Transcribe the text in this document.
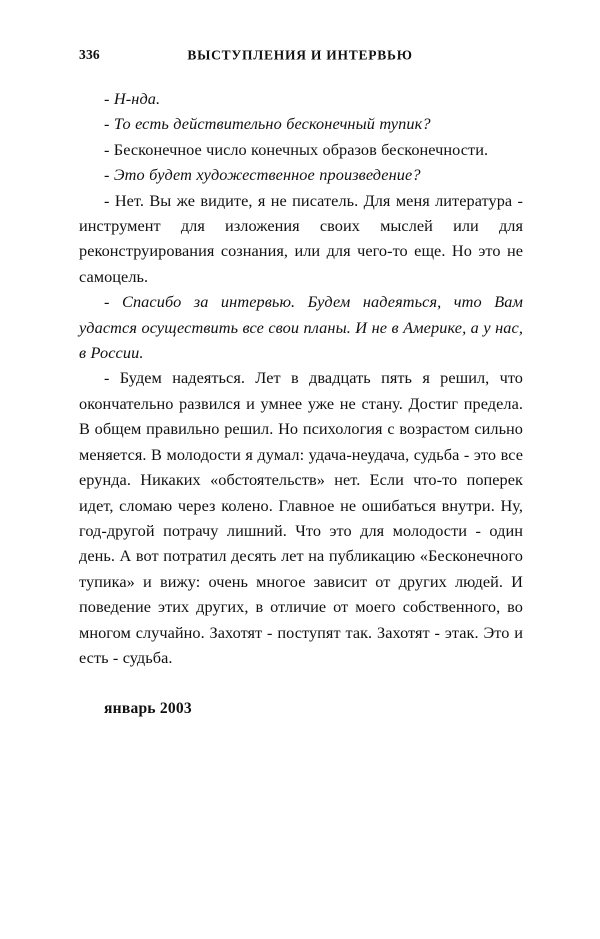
336	ВЫСТУПЛЕНИЯ И ИНТЕРВЬЮ

- Н-нда.

- То есть действительно бесконечный тупик?

- Бесконечное число конечных образов бесконечности.

- Это будет художественное произведение?

- Нет. Вы же видите, я не писатель. Для меня литература - инструмент для изложения своих мыслей или для реконструирования сознания, или для чего-то еще. Но это не самоцель.

- Спасибо за интервью. Будем надеяться, что Вам удастся осуществить все свои планы. И не в Америке, а у нас, в России.

- Будем надеяться. Лет в двадцать пять я решил, что окончательно развился и умнее уже не стану. Достиг предела. В общем правильно решил. Но психология с возрастом сильно меняется. В молодости я думал: удача-неудача, судьба - это все ерунда. Никаких «обстоятельств» нет. Если что-то поперек идет, сломаю через колено. Главное не ошибаться внутри. Ну, год-другой потрачу лишний. Что это для молодости - один день. А вот потратил десять лет на публикацию «Бесконечного тупика» и вижу: очень многое зависит от других людей. И поведение этих других, в отличие от моего собственного, во многом случайно. Захотят - поступят так. Захотят - этак. Это и есть - судьба.

январь 2003
